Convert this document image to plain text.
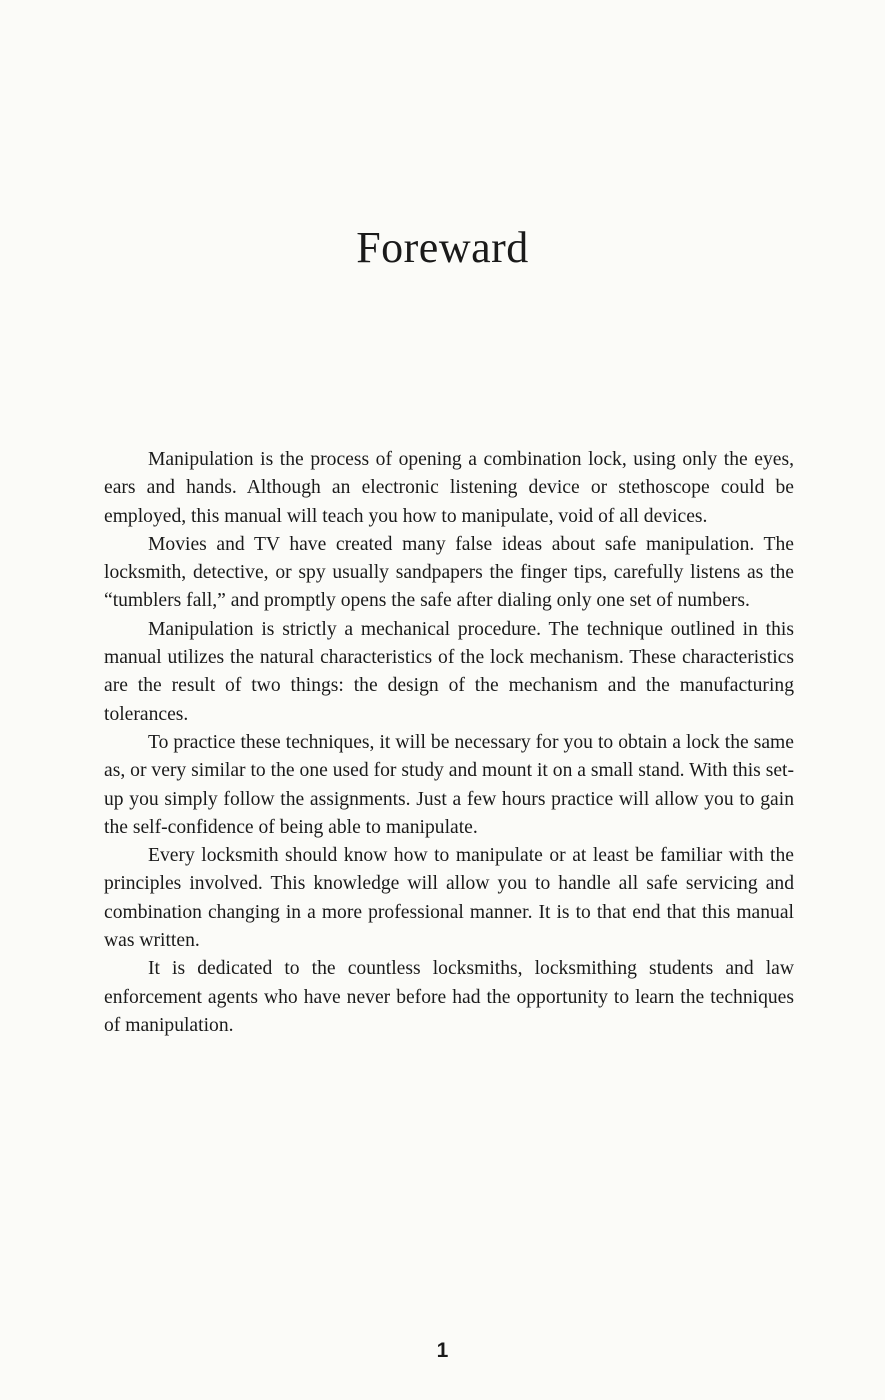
Foreward

Manipulation is the process of opening a combination lock, using only the eyes, ears and hands. Although an electronic listening device or stethoscope could be employed, this manual will teach you how to manipulate, void of all devices.

Movies and TV have created many false ideas about safe manipulation. The locksmith, detective, or spy usually sandpapers the finger tips, carefully listens as the “tumblers fall,” and promptly opens the safe after dialing only one set of numbers.

Manipulation is strictly a mechanical procedure. The technique outlined in this manual utilizes the natural characteristics of the lock mechanism. These characteristics are the result of two things: the design of the mechanism and the manufacturing tolerances.

To practice these techniques, it will be necessary for you to obtain a lock the same as, or very similar to the one used for study and mount it on a small stand. With this set-up you simply follow the assignments. Just a few hours practice will allow you to gain the self-confidence of being able to manipulate.

Every locksmith should know how to manipulate or at least be familiar with the principles involved. This knowledge will allow you to handle all safe servicing and combination changing in a more professional manner. It is to that end that this manual was written.

It is dedicated to the countless locksmiths, locksmithing students and law enforcement agents who have never before had the opportunity to learn the techniques of manipulation.

1
